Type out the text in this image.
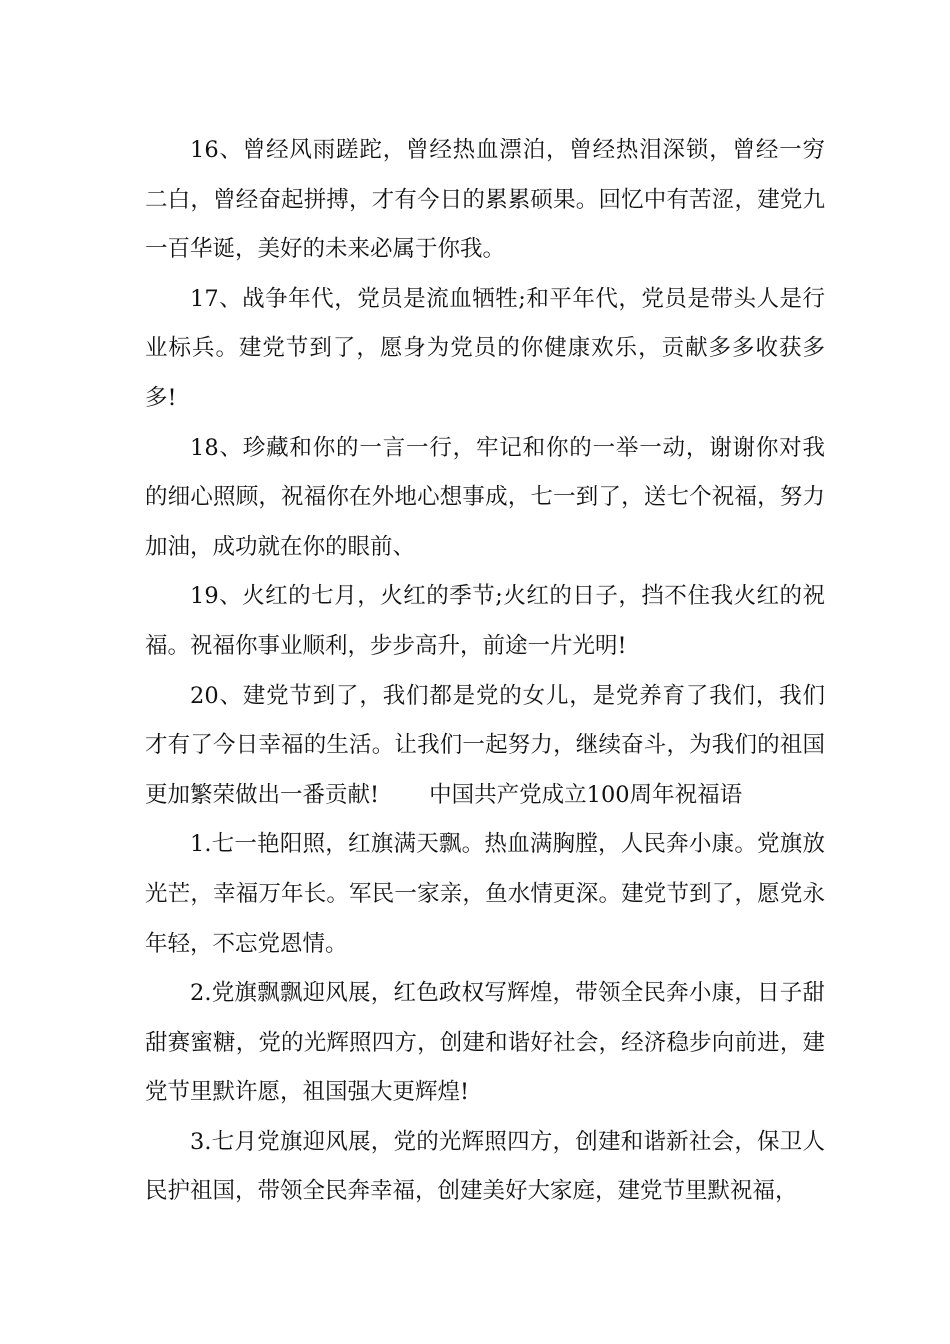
16、曾经风雨蹉跎，曾经热血漂泊，曾经热泪深锁，曾经一穷二白，曾经奋起拼搏，才有今日的累累硕果。回忆中有苦涩，建党九一百华诞，美好的未来必属于你我。

17、战争年代，党员是流血牺牲;和平年代，党员是带头人是行业标兵。建党节到了，愿身为党员的你健康欢乐，贡献多多收获多多!

18、珍藏和你的一言一行，牢记和你的一举一动，谢谢你对我的细心照顾，祝福你在外地心想事成，七一到了，送七个祝福，努力加油，成功就在你的眼前、

19、火红的七月，火红的季节;火红的日子，挡不住我火红的祝福。祝福你事业顺利，步步高升，前途一片光明!

20、建党节到了，我们都是党的女儿，是党养育了我们，我们才有了今日幸福的生活。让我们一起努力，继续奋斗，为我们的祖国更加繁荣做出一番贡献! 中国共产党成立100周年祝福语

1.七一艳阳照，红旗满天飘。热血满胸膛，人民奔小康。党旗放光芒，幸福万年长。军民一家亲，鱼水情更深。建党节到了，愿党永年轻，不忘党恩情。

2.党旗飘飘迎风展，红色政权写辉煌，带领全民奔小康，日子甜甜赛蜜糖，党的光辉照四方，创建和谐好社会，经济稳步向前进，建党节里默许愿，祖国强大更辉煌!

3.七月党旗迎风展，党的光辉照四方，创建和谐新社会，保卫人民护祖国，带领全民奔幸福，创建美好大家庭，建党节里默祝福，
